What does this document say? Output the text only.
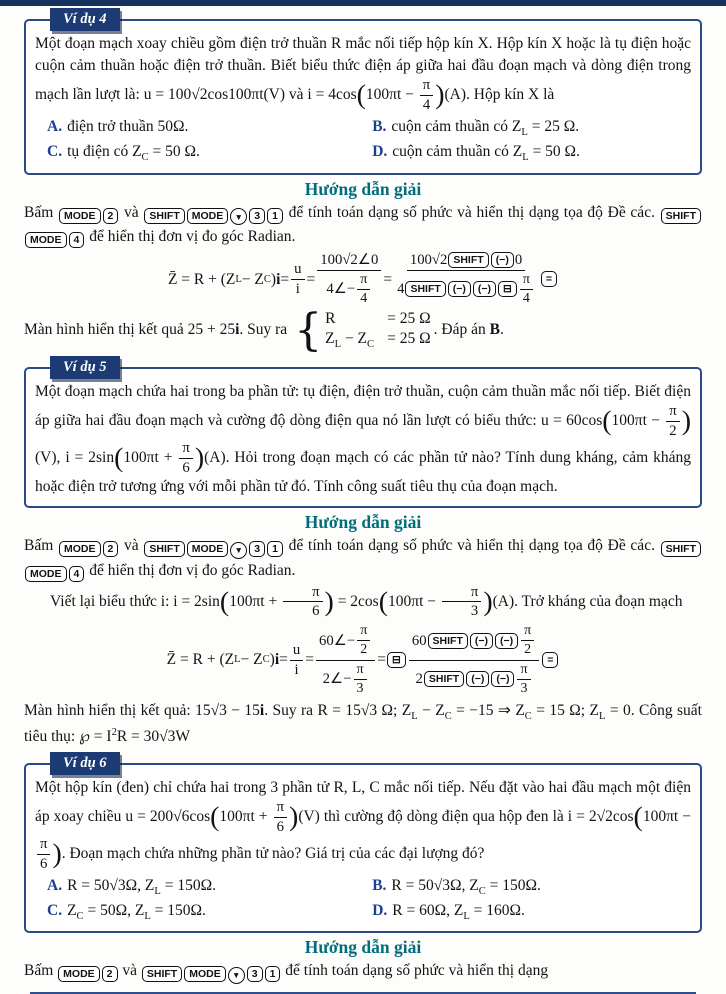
Ví dụ 4

Một đoạn mạch xoay chiều gồm điện trở thuần R mắc nối tiếp hộp kín X. Hộp kín X hoặc là tụ điện hoặc cuộn cảm thuần hoặc điện trở thuần. Biết biểu thức điện áp giữa hai đầu đoạn mạch và dòng điện trong mạch lần lượt là: u = 100√2cos100πt(V) và $i = 4\cos(100\pi t - \frac{\pi}{4} )(A)$. Hộp kín X là

A. điện trở thuần 50Ω.	B. cuộn cảm thuần có $Z_L = 25$ Ω.
C. tụ điện có $Z_C = 50$ Ω.	D. cuộn cảm thuần có $Z_L = 50$ Ω.
Hướng dẫn giải

Bấm MODE 2 và SHIFT MODE ▼ 3 1 để tính toán dạng số phức và hiển thị dạng tọa độ Đề các. SHIFTMODE 4 để hiển thị đơn vị đo góc Radian.

Z̄ = R + (Z L − Z C ) $i = \frac{u}{i} = \frac{100√2\angle 0}{4\angle- \frac{\pi}{4}} = 100√2$ SHIFT	(−) 0
4 SHIFT	(−)	(−)	⊟ $\frac{\pi}{4}$ =

Màn hình hiển thị kết quả 25 + 25i. Suy ra { R	= 25 Ω
$Z_L - Z_C = 25$ Ω
. Đáp án B.

Ví dụ 5

Một đoạn mạch chứa hai trong ba phần tử: tụ điện, điện trở thuần, cuộn cảm thuần mắc nối tiếp. Biết điện áp giữa hai đầu đoạn mạch và cường độ dòng điện qua nó lần lượt có biểu thức: $u = 60\cos(100\pi t - \frac{\pi}{2} )(V)$, $i = 2\sin(100\pi t + \frac{\pi}{6} )(A)$. Hỏi trong đoạn mạch có các phần tử nào? Tính dung kháng, cảm kháng hoặc điện trở tương ứng với mỗi phần tử đó. Tính công suất tiêu thụ của đoạn mạch.

Hướng dẫn giải

Bấm MODE 2 và SHIFT MODE ▼ 3 1 để tính toán dạng số phức và hiển thị dạng tọa độ Đề các. SHIFTMODE 4 để hiển thị đơn vị đo góc Radian.

Viết lại biểu thức i: $i = 2\sin(100\pi t + \frac{\pi}{6}$ ) = $2\cos(100\pi t - \frac{\pi}{3} )(A)$. Trở kháng của đoạn mạch

Z̄ = R + (Z L − Z C ) $i = \frac{u}{i} = \frac{60\angle- \frac{\pi}{2}}{2\angle- \frac{\pi}{3}}$ = ⊟ 60 SHIFT	(−)	(−) $\frac{\pi}{2}$
2 SHIFT	(−)	(−) $\frac{\pi}{3}$ =

Màn hình hiển thị kết quả: 15√3 − 15i. Suy ra R = 15√3 Ω; $Z_L - Z_C = -15$ ⇒ $Z_C = 15$ Ω; $Z_L = 0$. Công suất tiêu thụ: ℘ = $I^2R = 30√3W$

Ví dụ 6

Một hộp kín (đen) chỉ chứa hai trong 3 phần tử R, L, C mắc nối tiếp. Nếu đặt vào hai đầu mạch một điện áp xoay chiều $u = 200√6\cos(100\pi t + \frac{\pi}{6} )(V)$ thì cường độ dòng điện qua hộp đen là i = 2√2cos(100πt −
$\frac{\pi}{6}$ ). Đoạn mạch chứa những phần tử nào? Giá trị của các đại lượng đó?

A. R = 50√3Ω, $Z_L = 150\Omega$.	B. R = 50√3Ω, $Z_C = 150\Omega$.
C. $Z_C = 50\Omega$, $Z_L = 150\Omega$.	D. R = 60Ω, $Z_L = 160\Omega$.
Hướng dẫn giải

Bấm MODE 2 và SHIFT MODE ▼ 3 1 để tính toán dạng số phức và hiển thị dạng
